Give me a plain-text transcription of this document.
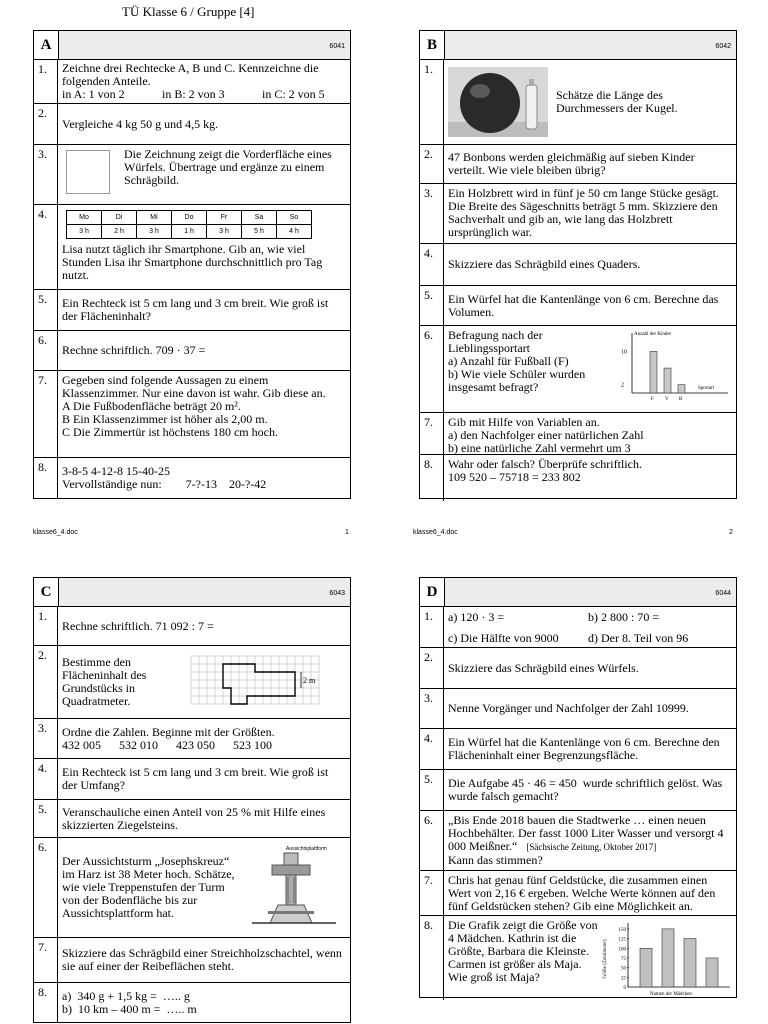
TÜ Klasse 6 / Gruppe [4]
A	6041
1.	Zeichne drei Rechtecke A, B und C. Kennzeichne die folgenden Anteile.
in A: 1 von 2	in B: 2 von 3	in C: 2 von 5
2.
Vergleiche 4 kg 50 g und 4,5 kg.
3.	Die Zeichnung zeigt die Vorderfläche eines Würfels. Übertrage und ergänze zu einem Schrägbild.
4.	Mo	Di	Mi	Do	Fr	Sa	So
3 h	2 h	3 h	1 h	3 h	5 h	4 h
Lisa nutzt täglich ihr Smartphone. Gib an, wie viel Stunden Lisa ihr Smartphone durchschnittlich pro Tag nutzt.
5.	Ein Rechteck ist 5 cm lang und 3 cm breit. Wie groß ist der Flächeninhalt?
6.
Rechne schriftlich. 709 · 37 =
7.	Gegeben sind folgende Aussagen zu einem Klassenzimmer. Nur eine davon ist wahr. Gib diese an.
A Die Fußbodenfläche beträgt 20 m².
B Ein Klassenzimmer ist höher als 2,00 m.
C Die Zimmertür ist höchstens 180 cm hoch.
8.	3-8-5 4-12-8 15-40-25
Vervollständige nun:        7-?-13    20-?-42
klasse6_4.doc	1
B	6042
1.
Schätze die Länge des Durchmessers der Kugel.
2.	47 Bonbons werden gleichmäßig auf sieben Kinder verteilt. Wie viele bleiben übrig?
3.	Ein Holzbrett wird in fünf je 50 cm lange Stücke gesägt. Die Breite des Sägeschnitts beträgt 5 mm. Skizziere den Sachverhalt und gib an, wie lang das Holzbrett ursprünglich war.
4.
Skizziere das Schrägbild eines Quaders.
5.	Ein Würfel hat die Kantenlänge von 6 cm. Berechne das Volumen.
6.	Befragung nach der Lieblingssportart
a) Anzahl für Fußball (F)
b) Wie viele Schüler wurden insgesamt befragt?
Anzahl der Kinder
2
10
F V B
Sportart
7.	Gib mit Hilfe von Variablen an.
a) den Nachfolger einer natürlichen Zahl
b) eine natürliche Zahl vermehrt um 3
8.	Wahr oder falsch? Überprüfe schriftlich.
109 520 – 75718 = 233 802
klasse6_4.doc	2
C	6043
1.
Rechne schriftlich. 71 092 : 7 =
2.	Bestimme den Flächeninhalt des Grundstücks in Quadratmeter.
2 m
3.	Ordne die Zahlen. Beginne mit der Größten.
432 005      532 010      423 050      523 100
4.	Ein Rechteck ist 5 cm lang und 3 cm breit. Wie groß ist der Umfang?
5.	Veranschauliche einen Anteil von 25 % mit Hilfe eines skizzierten Ziegelsteins.
6.
Der Aussichtsturm „Josephskreuz“ im Harz ist 38 Meter hoch. Schätze, wie viele Treppenstufen der Turm von der Bodenfläche bis zur Aussichtsplattform hat.
Aussichtsplattform
7.	Skizziere das Schrägbild einer Streichholzschachtel, wenn sie auf einer der Reibeflächen steht.
8.	a)  340 g + 1,5 kg =  ….. g
b)  10 km – 400 m =  ….. m
D	6044
1.	a) 120 · 3 =	b) 2 800 : 70 =
c) Die Hälfte von 9000	d) Der 8. Teil von 96
2.
Skizziere das Schrägbild eines Würfels.
3.
Nenne Vorgänger und Nachfolger der Zahl 10999.
4.	Ein Würfel hat die Kantenlänge von 6 cm. Berechne den Flächeninhalt einer Begrenzungsfläche.
5.	Die Aufgabe 45 · 46 = 450  wurde schriftlich gelöst. Was wurde falsch gemacht?
6.	„Bis Ende 2018 bauen die Stadtwerke … einen neuen Hochbehälter. Der fasst 1000 Liter Wasser und versorgt 4 000 Meißner.“ [Sächsische Zeitung, Oktober 2017]
Kann das stimmen?
7.	Chris hat genau fünf Geldstücke, die zusammen einen Wert von 2,16 € ergeben. Welche Werte können auf den fünf Geldstücken stehen? Gib eine Möglichkeit an.
8.	Die Grafik zeigt die Größe von 4 Mädchen. Kathrin ist die Größte, Barbara die Kleinste. Carmen ist größer als Maja. Wie groß ist Maja?	Größe (Zentimeter)
0
25
50
75
100
125
150
Namen der Mädchen
